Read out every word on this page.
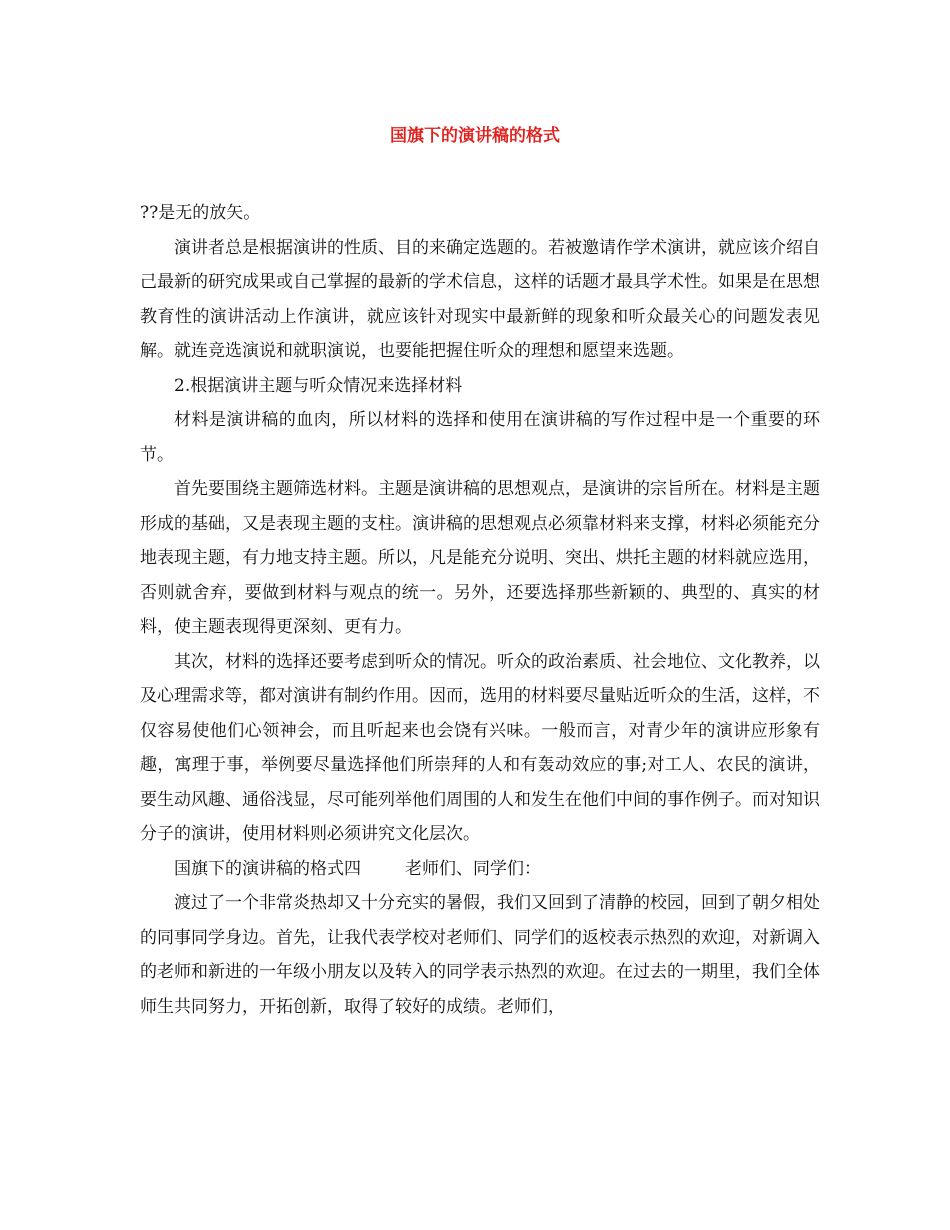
国旗下的演讲稿的格式

??是无的放矢。

演讲者总是根据演讲的性质、目的来确定选题的。若被邀请作学术演讲，就应该介绍自己最新的研究成果或自己掌握的最新的学术信息，这样的话题才最具学术性。如果是在思想教育性的演讲活动上作演讲，就应该针对现实中最新鲜的现象和听众最关心的问题发表见解。就连竞选演说和就职演说，也要能把握住听众的理想和愿望来选题。

2.根据演讲主题与听众情况来选择材料

材料是演讲稿的血肉，所以材料的选择和使用在演讲稿的写作过程中是一个重要的环节。

首先要围绕主题筛选材料。主题是演讲稿的思想观点，是演讲的宗旨所在。材料是主题形成的基础，又是表现主题的支柱。演讲稿的思想观点必须靠材料来支撑，材料必须能充分地表现主题，有力地支持主题。所以，凡是能充分说明、突出、烘托主题的材料就应选用，否则就舍弃，要做到材料与观点的统一。另外，还要选择那些新颖的、典型的、真实的材料，使主题表现得更深刻、更有力。

其次，材料的选择还要考虑到听众的情况。听众的政治素质、社会地位、文化教养，以及心理需求等，都对演讲有制约作用。因而，选用的材料要尽量贴近听众的生活，这样，不仅容易使他们心领神会，而且听起来也会饶有兴味。一般而言，对青少年的演讲应形象有趣，寓理于事，举例要尽量选择他们所崇拜的人和有轰动效应的事;对工人、农民的演讲，要生动风趣、通俗浅显，尽可能列举他们周围的人和发生在他们中间的事作例子。而对知识分子的演讲，使用材料则必须讲究文化层次。

国旗下的演讲稿的格式四	老师们、同学们：

渡过了一个非常炎热却又十分充实的暑假，我们又回到了清静的校园，回到了朝夕相处的同事同学身边。首先，让我代表学校对老师们、同学们的返校表示热烈的欢迎，对新调入的老师和新进的一年级小朋友以及转入的同学表示热烈的欢迎。在过去的一期里，我们全体师生共同努力，开拓创新，取得了较好的成绩。老师们，
